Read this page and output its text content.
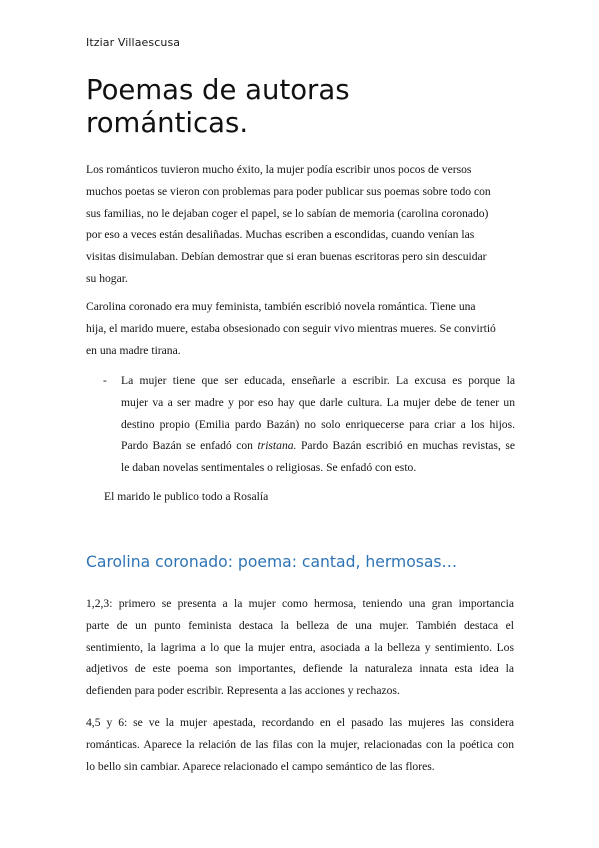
Itziar Villaescusa
Poemas de autoras
románticas.
Los románticos tuvieron mucho éxito, la mujer podía escribir unos pocos de versos
muchos poetas se vieron con problemas para poder publicar sus poemas sobre todo con
sus familias, no le dejaban coger el papel, se lo sabían de memoria (carolina coronado)
por eso a veces están desaliñadas. Muchas escriben a escondidas, cuando venían las
visitas disimulaban. Debían demostrar que si eran buenas escritoras pero sin descuidar
su hogar.
Carolina coronado era muy feminista, también escribió novela romántica. Tiene una
hija, el marido muere, estaba obsesionado con seguir vivo mientras mueres. Se convirtió
en una madre tirana.
- La mujer tiene que ser educada, enseñarle a escribir. La excusa es porque la
mujer va a ser madre y por eso hay que darle cultura. La mujer debe de tener un
destino propio (Emilia pardo Bazán) no solo enriquecerse para criar a los hijos.
Pardo Bazán se enfadó con tristana. Pardo Bazán escribió en muchas revistas, se
le daban novelas sentimentales o religiosas. Se enfadó con esto.
El marido le publico todo a Rosalía
Carolina coronado: poema: cantad, hermosas…
1,2,3: primero se presenta a la mujer como hermosa, teniendo una gran importancia
parte de un punto feminista destaca la belleza de una mujer. También destaca el
sentimiento, la lagrima a lo que la mujer entra, asociada a la belleza y sentimiento. Los
adjetivos de este poema son importantes, defiende la naturaleza innata esta idea la
defienden para poder escribir. Representa a las acciones y rechazos.
4,5 y 6: se ve la mujer apestada, recordando en el pasado las mujeres las considera
románticas. Aparece la relación de las filas con la mujer, relacionadas con la poética con
lo bello sin cambiar. Aparece relacionado el campo semántico de las flores.
